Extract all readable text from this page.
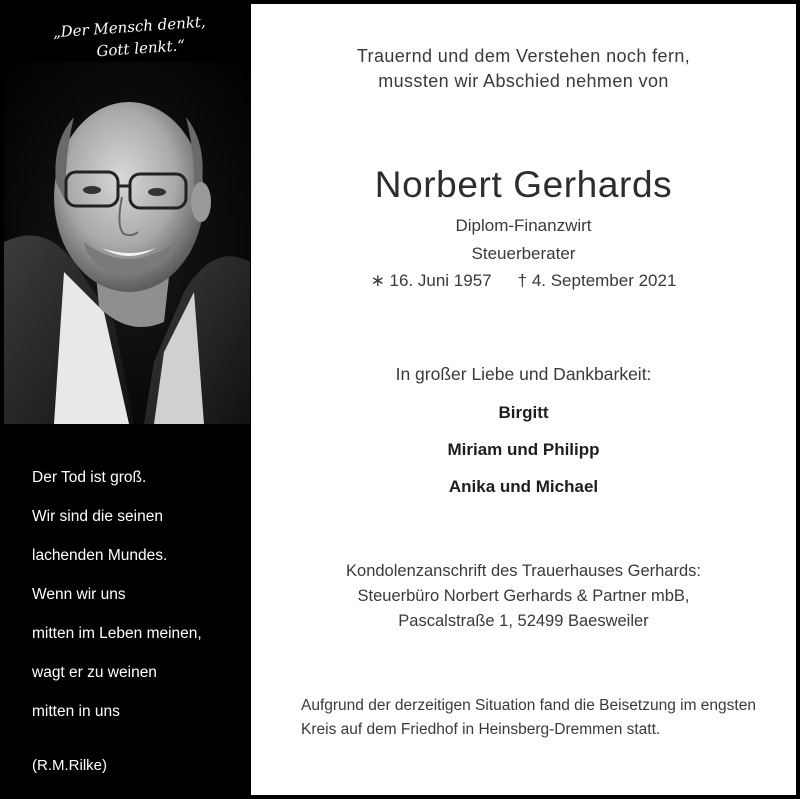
„Der Mensch denkt,
Gott lenkt.“
Der Tod ist groß.
Wir sind die seinen
lachenden Mundes.
Wenn wir uns
mitten im Leben meinen,
wagt er zu weinen
mitten in uns
(R.M.Rilke)
Trauernd und dem Verstehen noch fern,
mussten wir Abschied nehmen von
Norbert Gerhards
Diplom-Finanzwirt
Steuerberater
∗ 16. Juni 1957 † 4. September 2021
In großer Liebe und Dankbarkeit:
Birgitt
Miriam und Philipp
Anika und Michael
Kondolenzanschrift des Trauerhauses Gerhards:
Steuerbüro Norbert Gerhards & Partner mbB,
Pascalstraße 1, 52499 Baesweiler
Aufgrund der derzeitigen Situation fand die Beisetzung im engsten Kreis auf dem Friedhof in Heinsberg-Dremmen statt.
